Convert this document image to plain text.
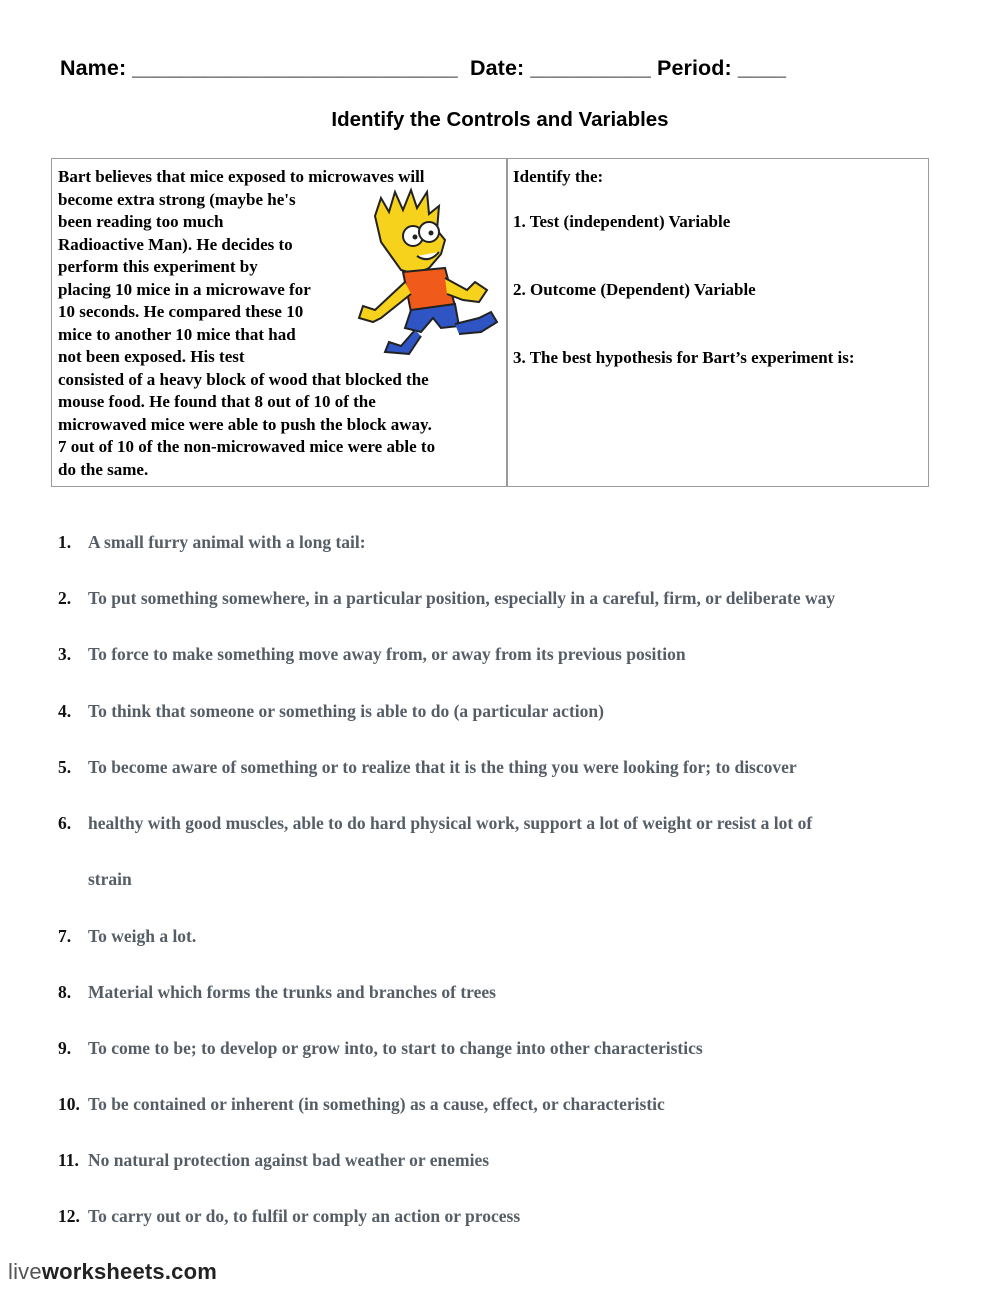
Name: ___________________________ Date: __________ Period: ____
Identify the Controls and Variables
Bart believes that mice exposed to microwaves will
become extra strong (maybe he's
been reading too much
Radioactive Man). He decides to
perform this experiment by
placing 10 mice in a microwave for
10 seconds. He compared these 10
mice to another 10 mice that had
not been exposed. His test
consisted of a heavy block of wood that blocked the
mouse food. He found that 8 out of 10 of the
microwaved mice were able to push the block away.
7 out of 10 of the non-microwaved mice were able to
do the same.
Identify the:
1. Test (independent) Variable
2. Outcome (Dependent) Variable
3. The best hypothesis for Bart’s experiment is:
1. A small furry animal with a long tail:
2. To put something somewhere, in a particular position, especially in a careful, firm, or deliberate way
3. To force to make something move away from, or away from its previous position
4. To think that someone or something is able to do (a particular action)
5. To become aware of something or to realize that it is the thing you were looking for; to discover
6. healthy with good muscles, able to do hard physical work, support a lot of weight or resist a lot of
strain
7. To weigh a lot.
8. Material which forms the trunks and branches of trees
9. To come to be; to develop or grow into, to start to change into other characteristics
10. To be contained or inherent (in something) as a cause, effect, or characteristic
11. No natural protection against bad weather or enemies
12. To carry out or do, to fulfil or comply an action or process
liveworksheets.com
